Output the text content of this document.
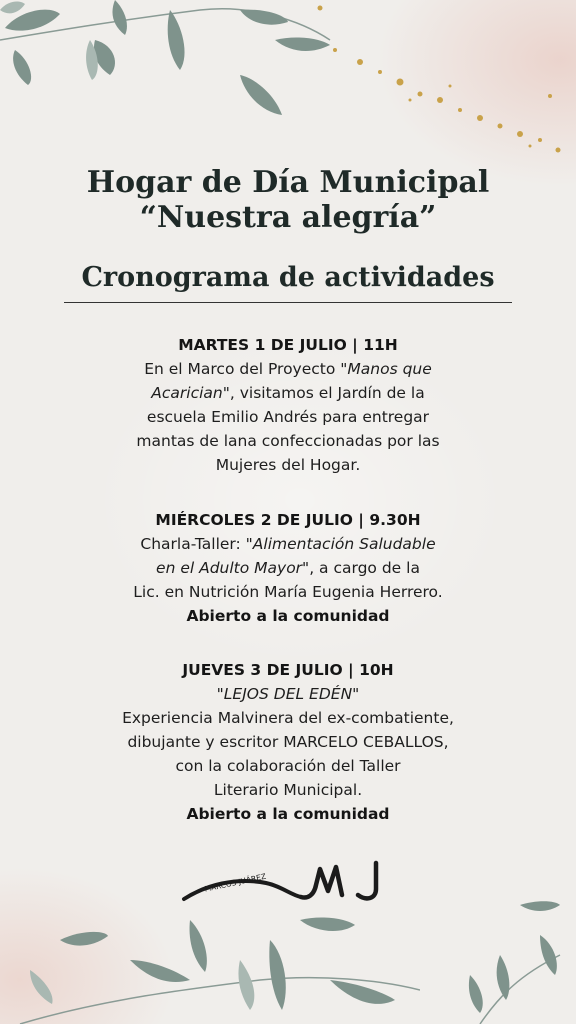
Hogar de Día Municipal
“Nuestra alegría”
Cronograma de actividades
MARTES 1 DE JULIO | 11H
En el Marco del Proyecto "Manos que
Acarician", visitamos el Jardín de la
escuela Emilio Andrés para entregar
mantas de lana confeccionadas por las
Mujeres del Hogar.
MIÉRCOLES 2 DE JULIO | 9.30H
Charla-Taller: "Alimentación Saludable
en el Adulto Mayor", a cargo de la
Lic. en Nutrición María Eugenia Herrero.
Abierto a la comunidad
JUEVES 3 DE JULIO | 10H
"LEJOS DEL EDÉN"
Experiencia Malvinera del ex-combatiente,
dibujante y escritor MARCELO CEBALLOS,
con la colaboración del Taller
Literario Municipal.
Abierto a la comunidad
MARCOS JUÁREZ
